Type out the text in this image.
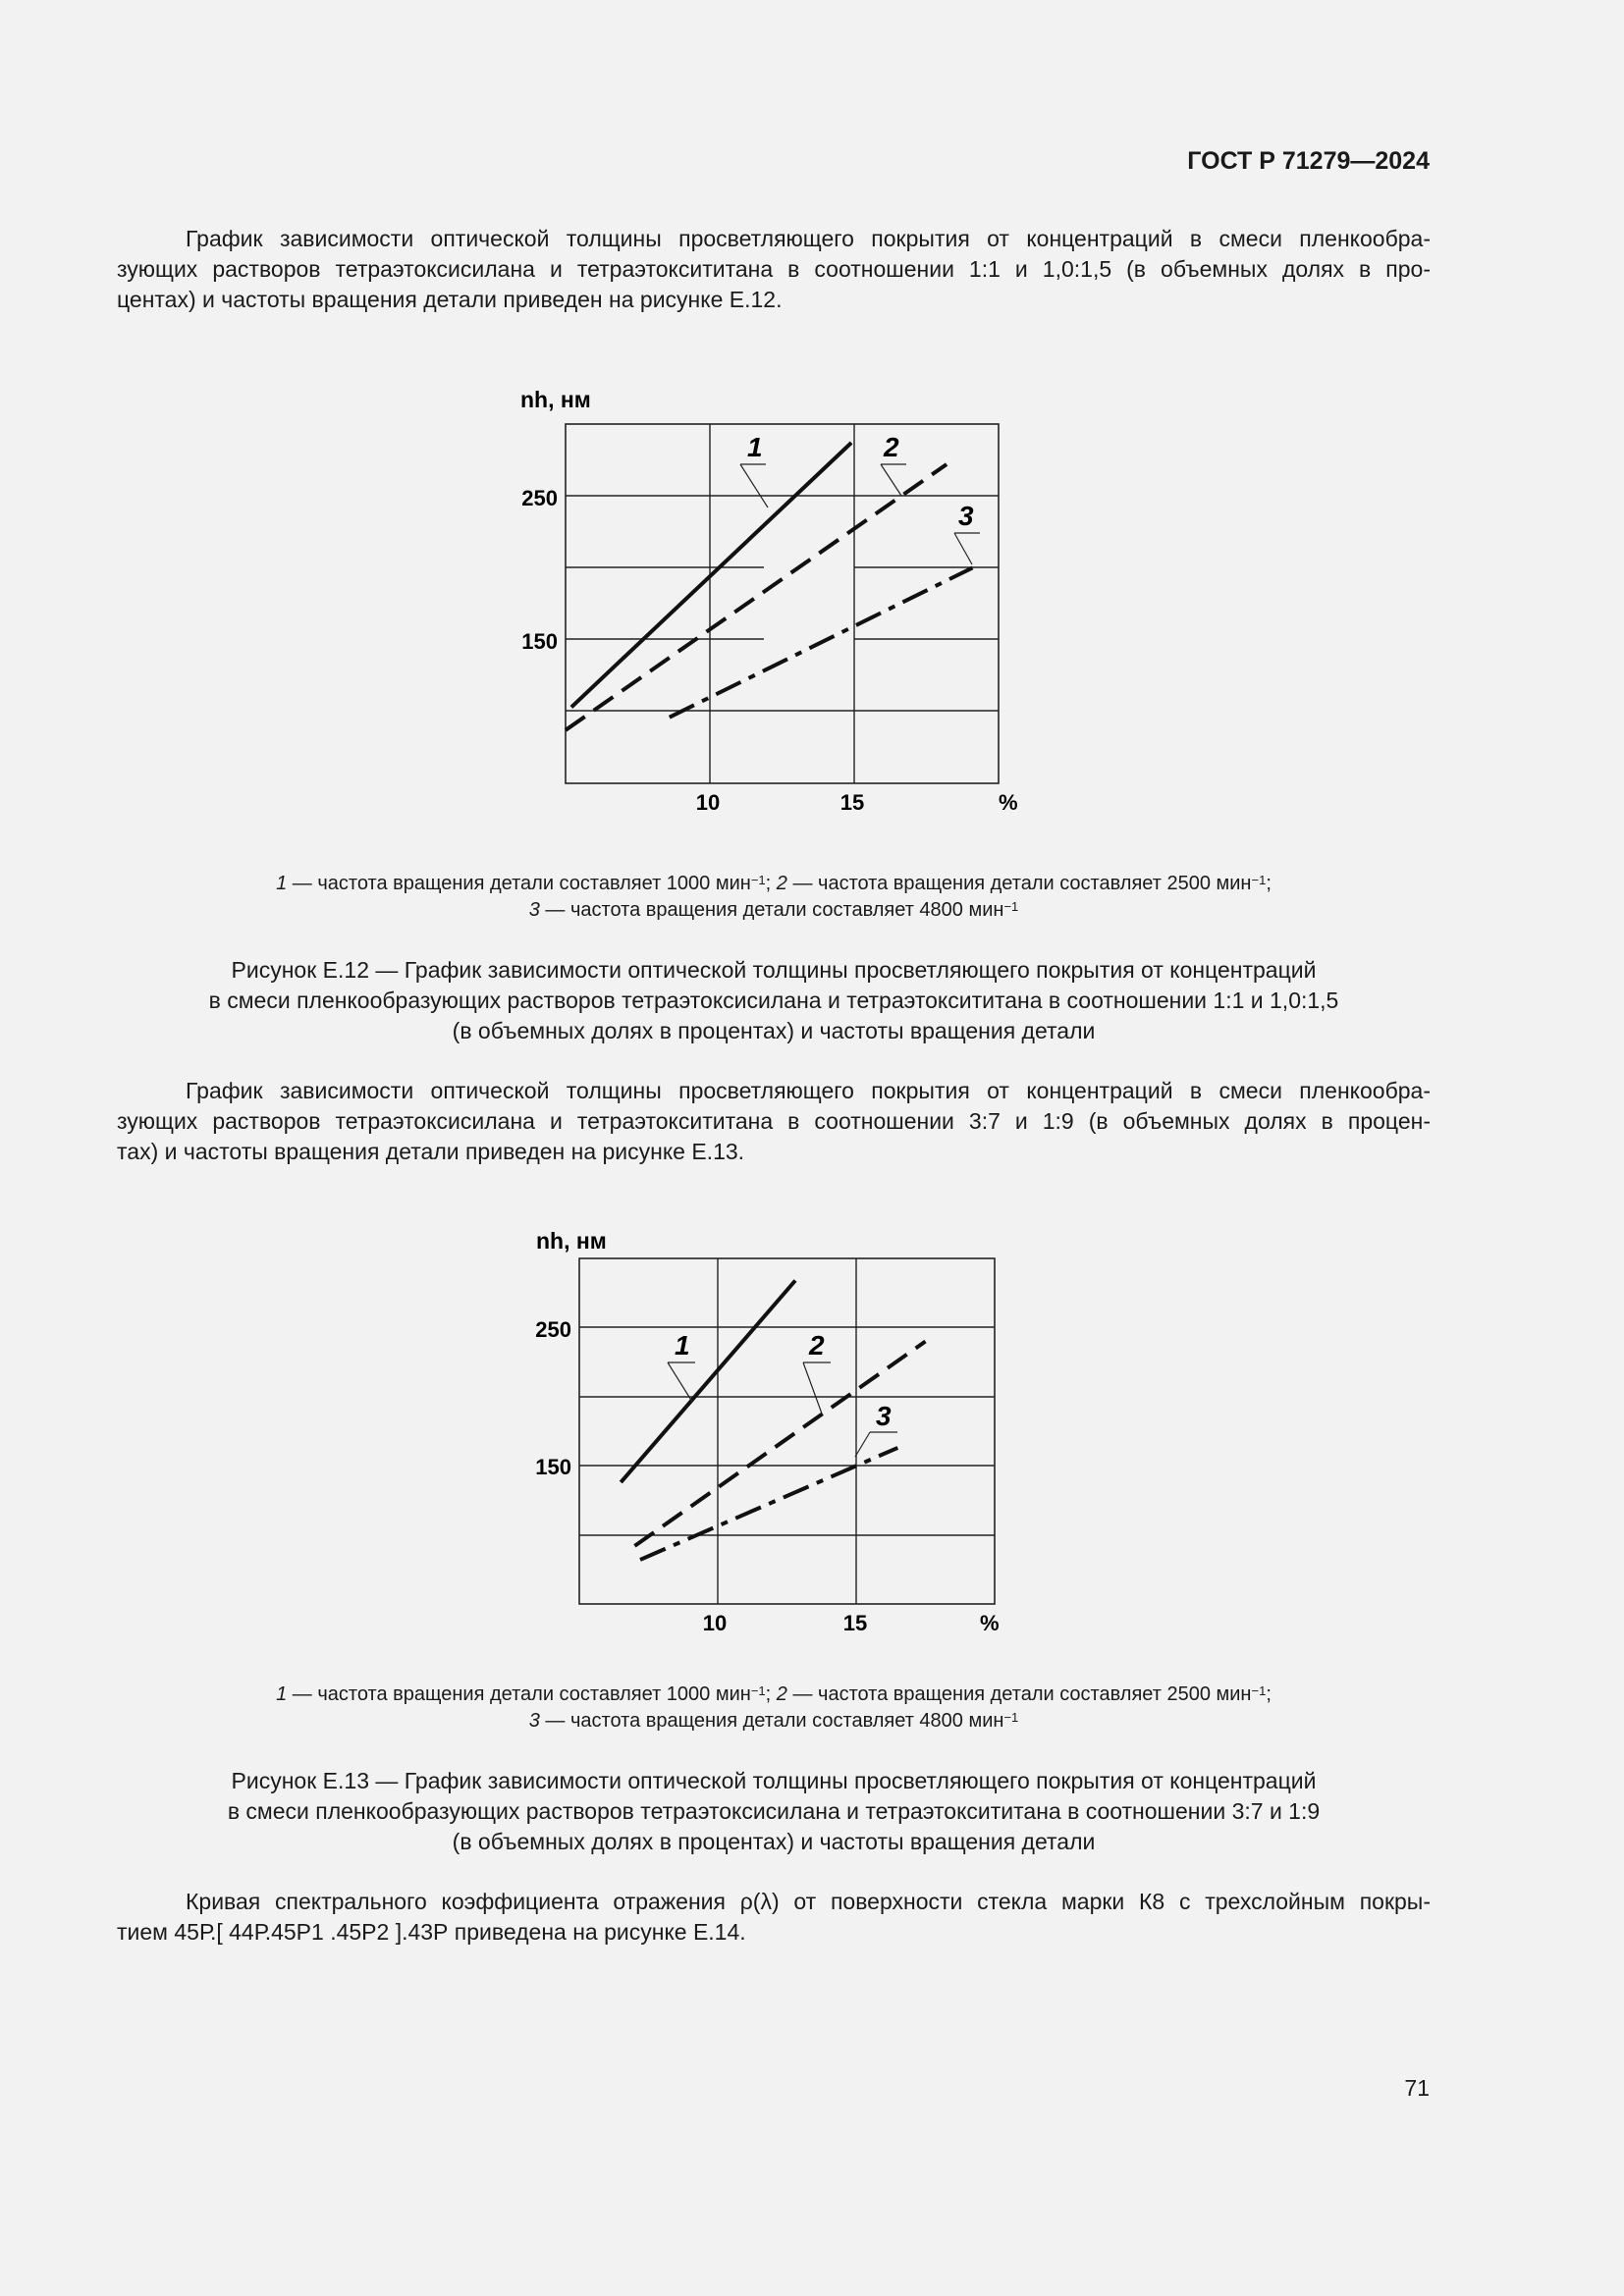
ГОСТ Р 71279—2024
График зависимости оптической толщины просветляющего покрытия от концентраций в смеси пленкообра-
зующих растворов тетраэтоксисилана и тетраэтоксититана в соотношении 1:1 и 1,0:1,5 (в объемных долях в про-
центах) и частоты вращения детали приведен на рисунке Е.12.
nh, нм
%
10	15
150
250
1	2
3
1 — частота вращения детали составляет 1000 мин$^{-1}$; 2 — частота вращения детали составляет 2500 мин$^{-1}$;
3 — частота вращения детали составляет 4800 мин$^{-1}$
Рисунок Е.12 — График зависимости оптической толщины просветляющего покрытия от концентраций
в смеси пленкообразующих растворов тетраэтоксисилана и тетраэтоксититана в соотношении 1:1 и 1,0:1,5
(в объемных долях в процентах) и частоты вращения детали
График зависимости оптической толщины просветляющего покрытия от концентраций в смеси пленкообра-
зующих растворов тетраэтоксисилана и тетраэтоксититана в соотношении 3:7 и 1:9 (в объемных долях в процен-
тах) и частоты вращения детали приведен на рисунке Е.13.
nh, нм
%
10	15
150
250
1	2
3
1 — частота вращения детали составляет 1000 мин$^{-1}$; 2 — частота вращения детали составляет 2500 мин$^{-1}$;
3 — частота вращения детали составляет 4800 мин$^{-1}$
Рисунок Е.13 — График зависимости оптической толщины просветляющего покрытия от концентраций
в смеси пленкообразующих растворов тетраэтоксисилана и тетраэтоксититана в соотношении 3:7 и 1:9
(в объемных долях в процентах) и частоты вращения детали
Кривая спектрального коэффициента отражения ρ(λ) от поверхности стекла марки К8 с трехслойным покры-
тием 45Р.[ 44Р.45Р1 .45Р2 ].43Р приведена на рисунке Е.14.
71
